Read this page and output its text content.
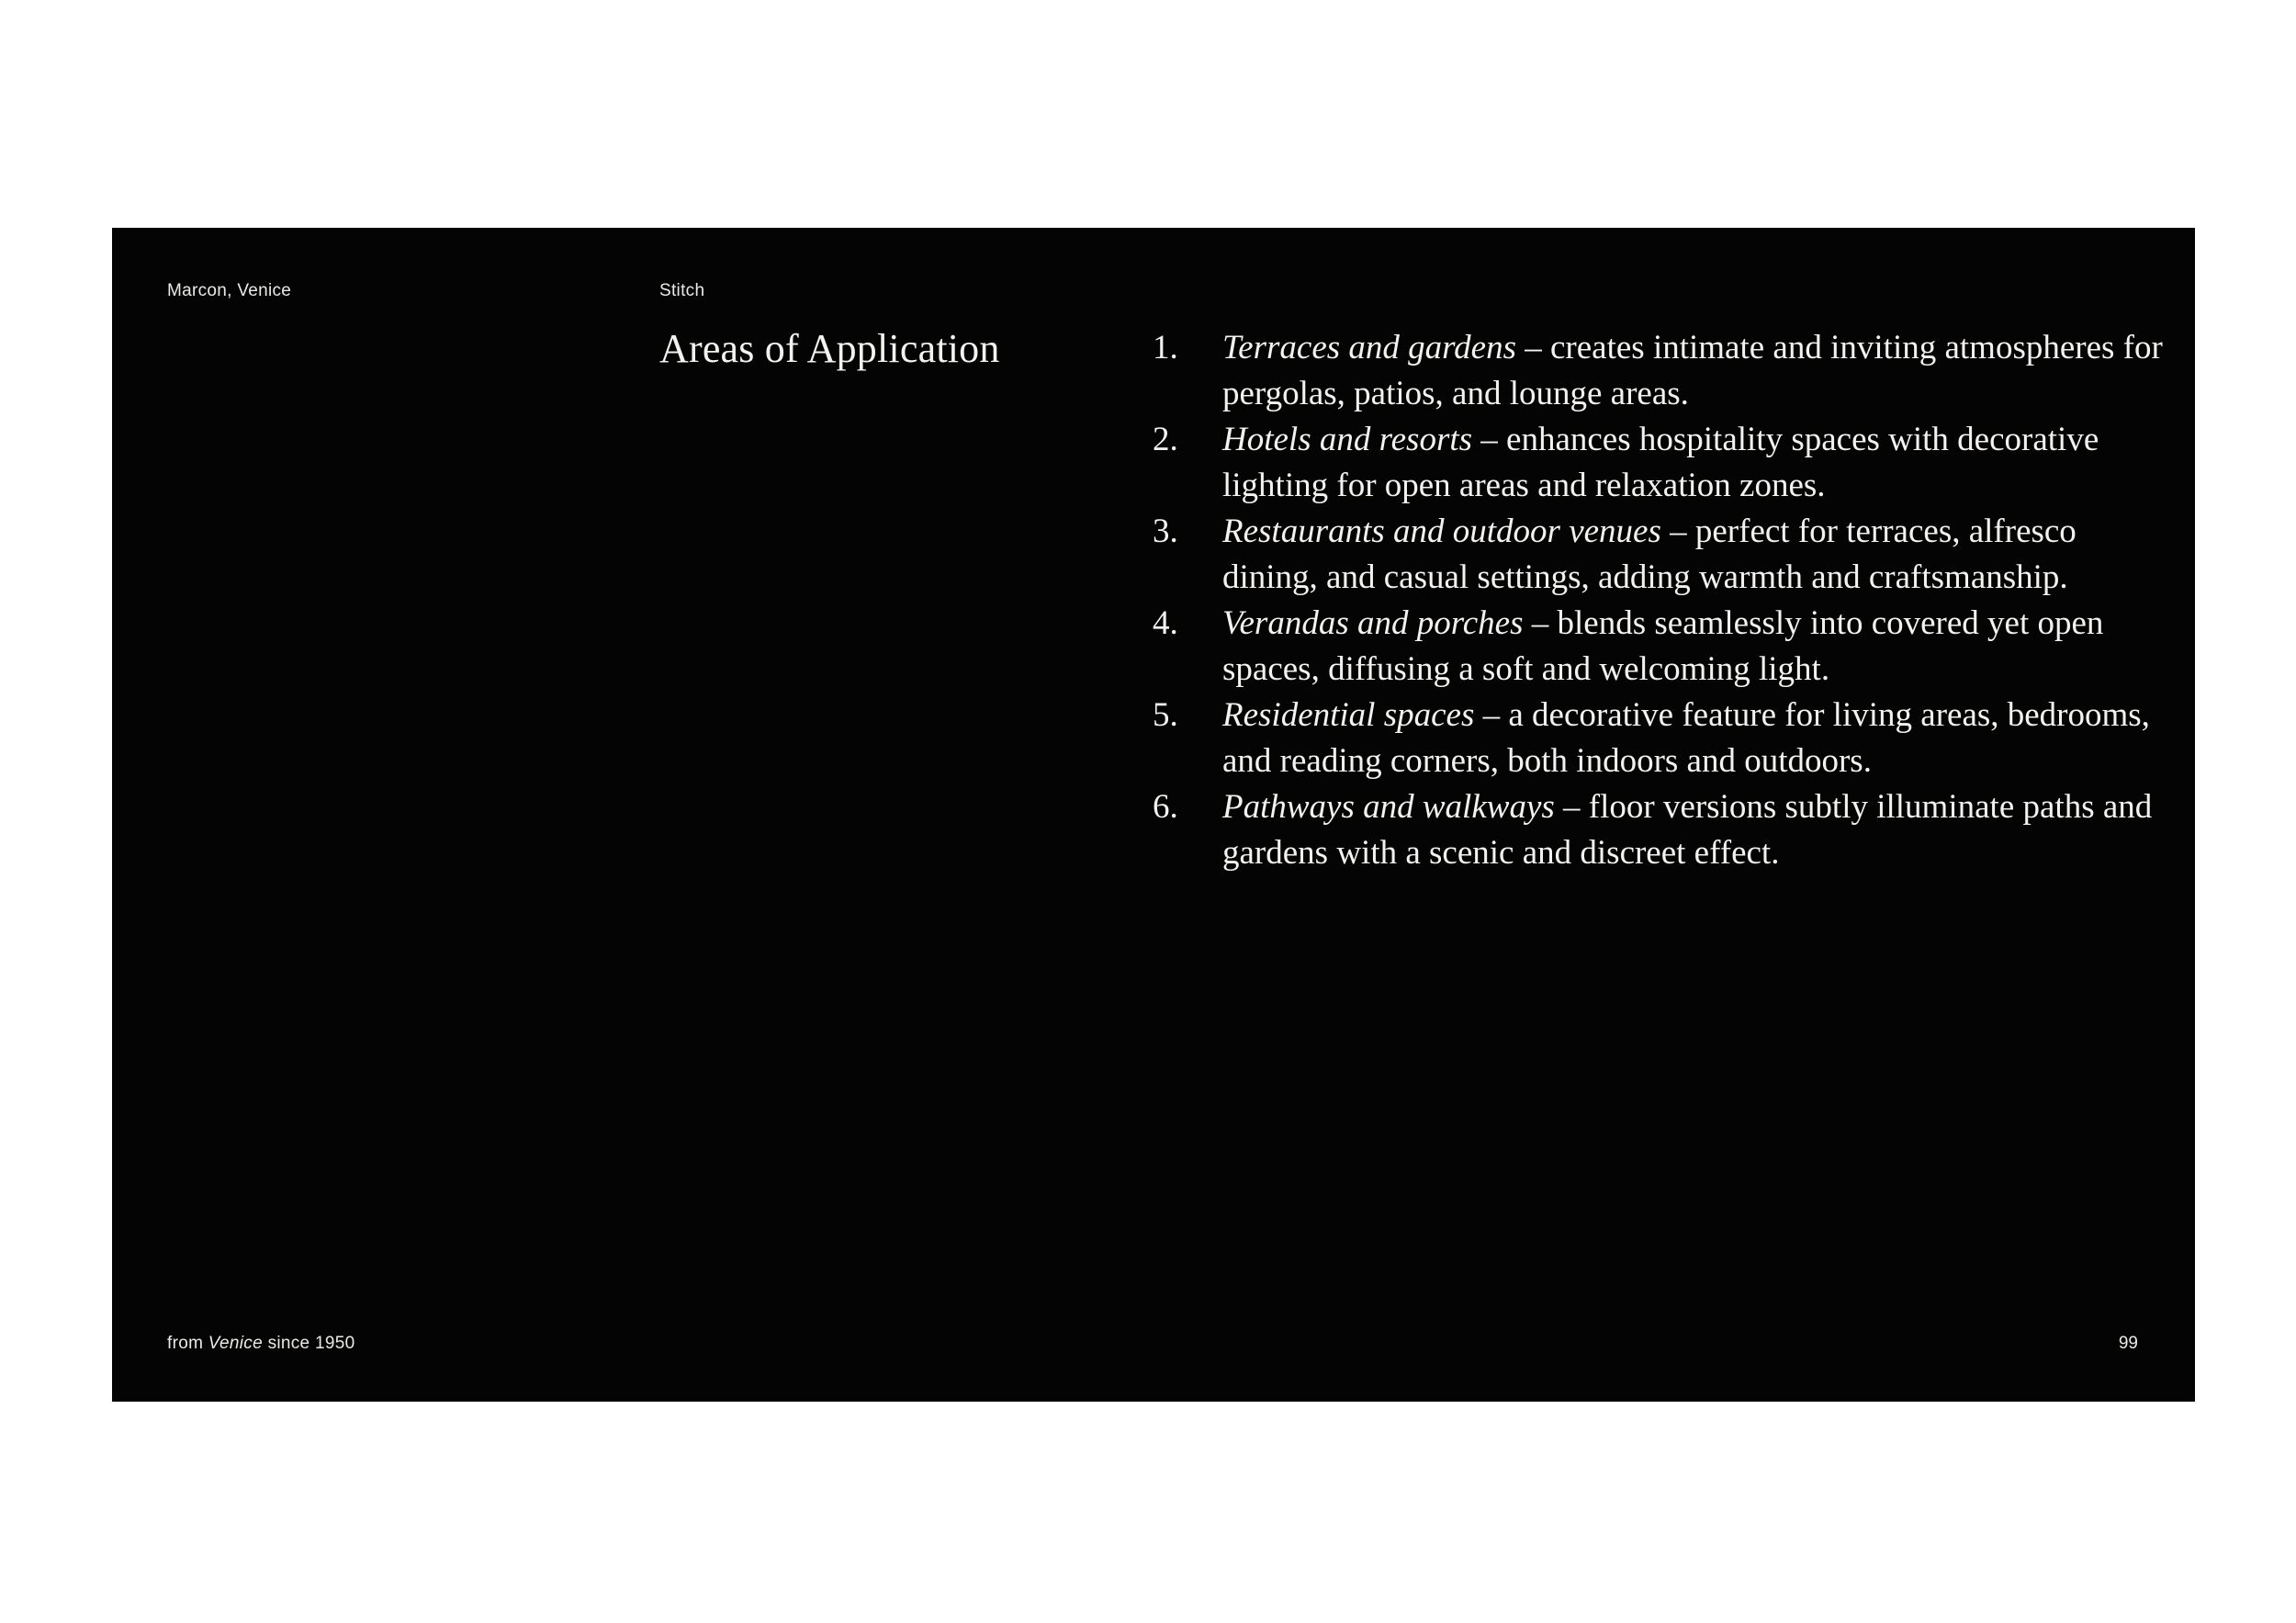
Marcon, Venice	Stitch
Areas of Application	1.	Terraces and gardens – creates intimate and inviting atmospheres for pergolas, patios, and lounge areas.
2.	Hotels and resorts – enhances hospitality spaces with decorative lighting for open areas and relaxation zones.
3.	Restaurants and outdoor venues – perfect for terraces, alfresco dining, and casual settings, adding warmth and craftsmanship.
4.	Verandas and porches – blends seamlessly into covered yet open spaces, diffusing a soft and welcoming light.
5.	Residential spaces – a decorative feature for living areas, bedrooms, and reading corners, both indoors and outdoors.
6.	Pathways and walkways – floor versions subtly illuminate paths and gardens with a scenic and discreet effect.
from Venice since 1950	99
